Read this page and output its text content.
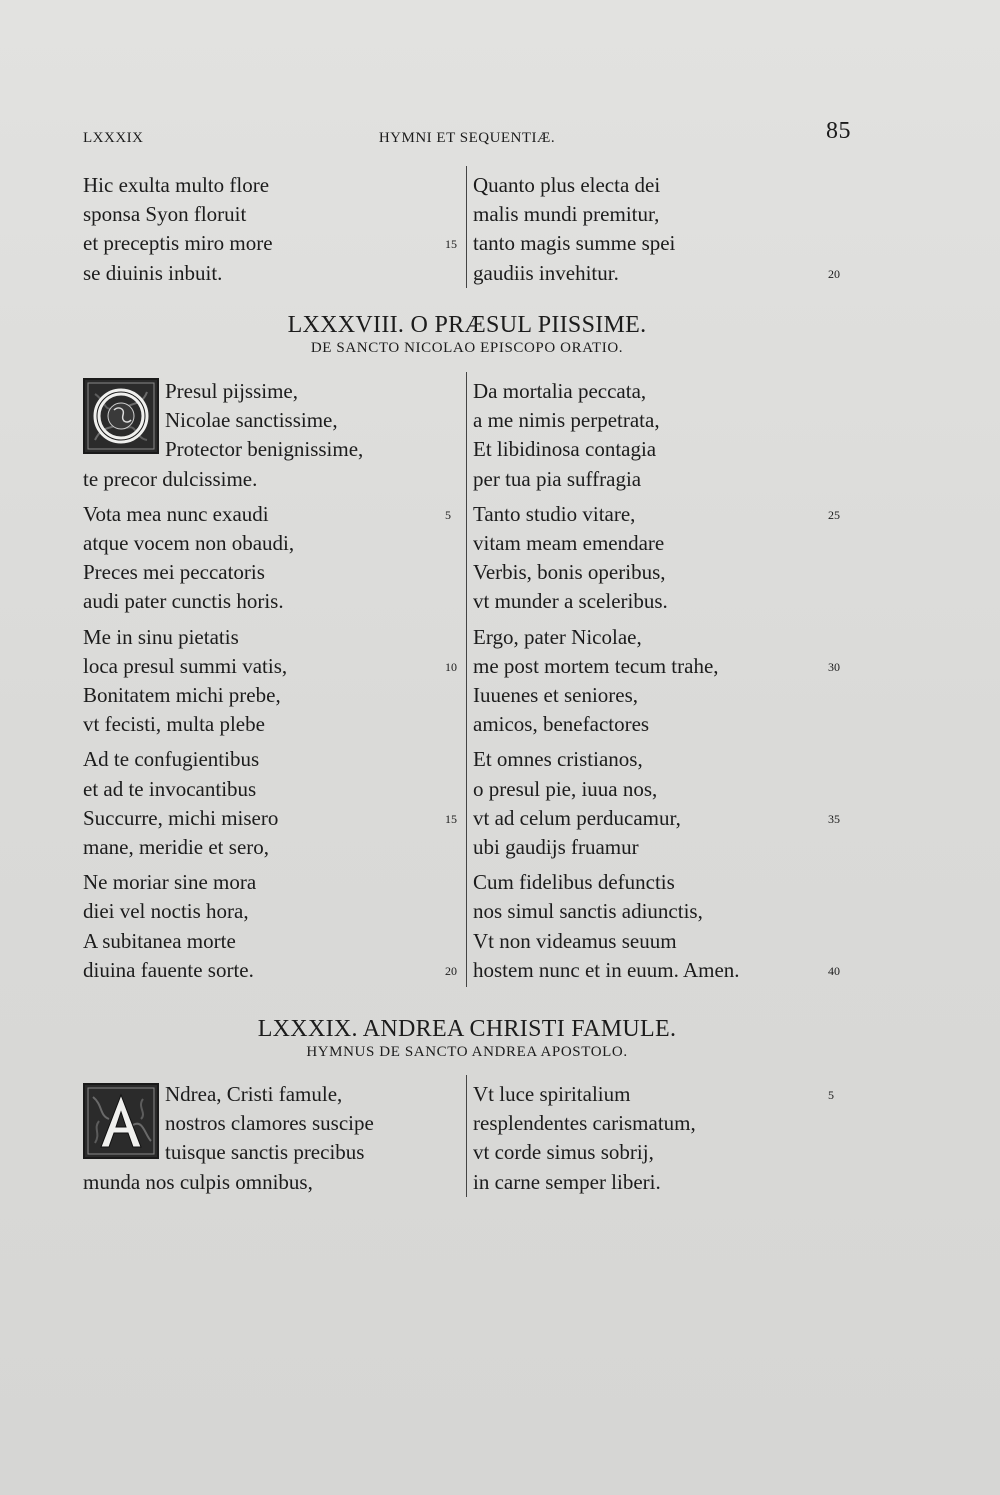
LXXXIX	HYMNI ET SEQUENTIÆ.	85
Hic exulta multo flore
sponsa Syon floruit
et preceptis miro more	15
se diuinis inbuit.
Quanto plus electa dei
malis mundi premitur,
tanto magis summe spei
gaudiis invehitur.	20
LXXXVIII. O PRÆSUL PIISSIME.
DE SANCTO NICOLAO EPISCOPO ORATIO.
Presul pijssime,
Nicolae sanctissime,
Protector benignissime,
te precor dulcissime.
Vota mea nunc exaudi	5
atque vocem non obaudi,
Preces mei peccatoris
audi pater cunctis horis.
Me in sinu pietatis
loca presul summi vatis,	10
Bonitatem michi prebe,
vt fecisti, multa plebe
Ad te confugientibus
et ad te invocantibus
Succurre, michi misero	15
mane, meridie et sero,
Ne moriar sine mora
diei vel noctis hora,
A subitanea morte
diuina fauente sorte.	20
Da mortalia peccata,
a me nimis perpetrata,
Et libidinosa contagia
per tua pia suffragia
Tanto studio vitare,	25
vitam meam emendare
Verbis, bonis operibus,
vt munder a sceleribus.
Ergo, pater Nicolae,
me post mortem tecum trahe,	30
Iuuenes et seniores,
amicos, benefactores
Et omnes cristianos,
o presul pie, iuua nos,
vt ad celum perducamur,	35
ubi gaudijs fruamur
Cum fidelibus defunctis
nos simul sanctis adiunctis,
Vt non videamus seuum
hostem nunc et in euum. Amen.	40
LXXXIX. ANDREA CHRISTI FAMULE.
HYMNUS DE SANCTO ANDREA APOSTOLO.
Ndrea, Cristi famule,
nostros clamores suscipe
tuisque sanctis precibus
munda nos culpis omnibus,
Vt luce spiritalium	5
resplendentes carismatum,
vt corde simus sobrij,
in carne semper liberi.
